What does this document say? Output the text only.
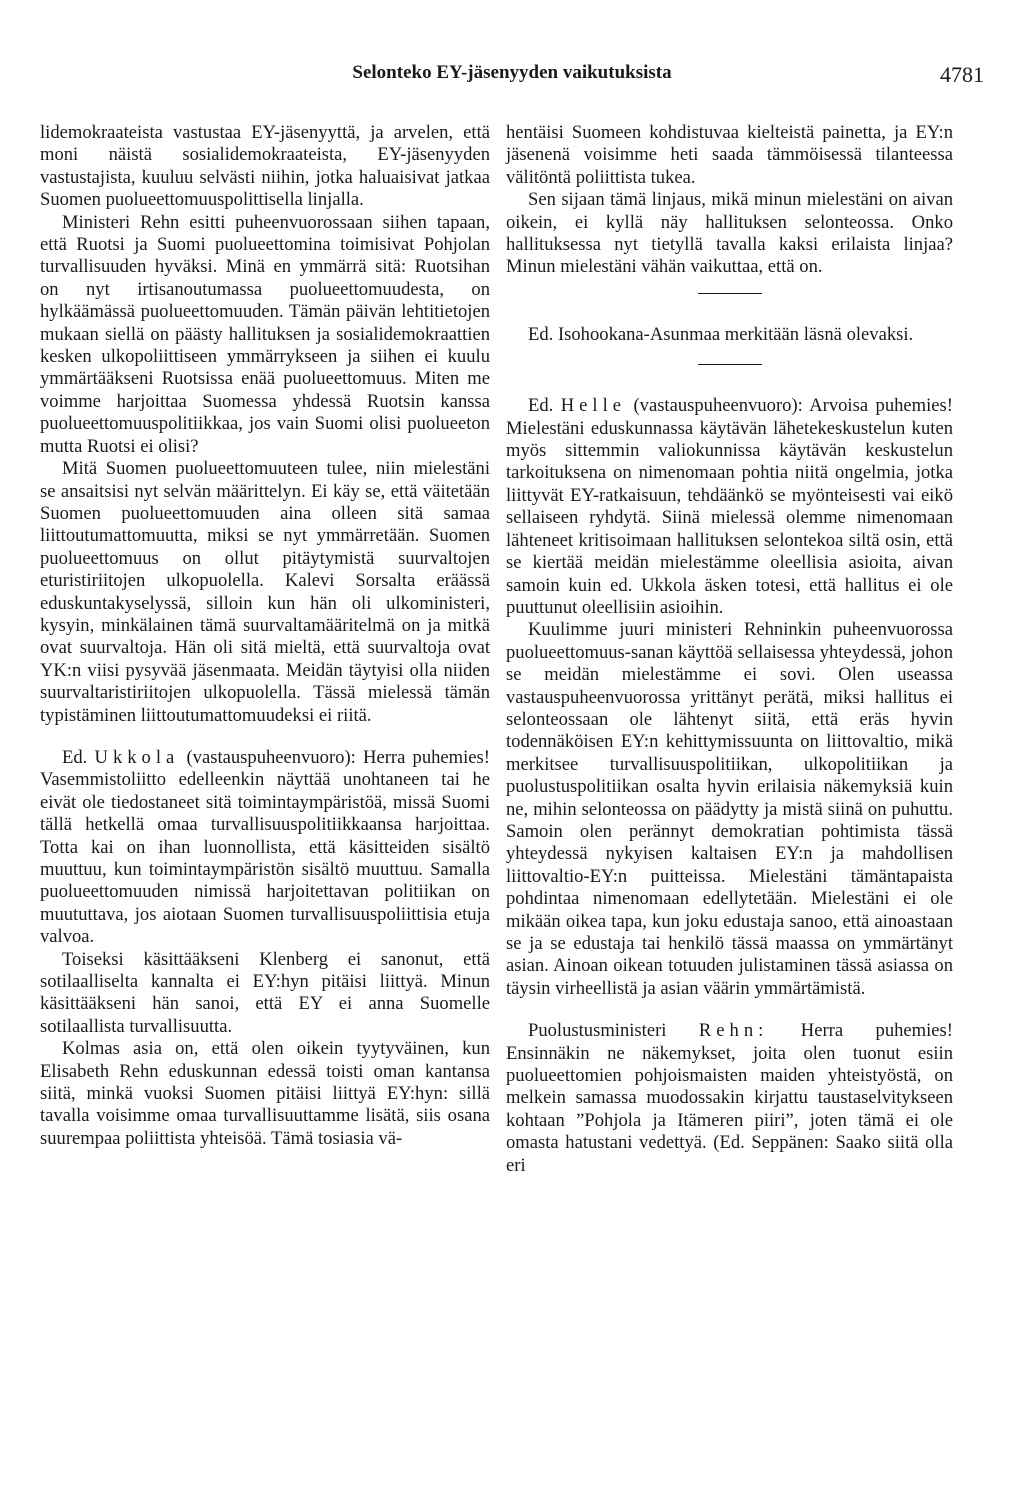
Selonteko EY-jäsenyyden vaikutuksista	4781

lidemokraateista vastustaa EY-jäsenyyttä, ja arvelen, että moni näistä sosialidemokraateista, EY-jäsenyyden vastustajista, kuuluu selvästi niihin, jotka haluaisivat jatkaa Suomen puolueettomuuspolittisella linjalla.

Ministeri Rehn esitti puheenvuorossaan siihen tapaan, että Ruotsi ja Suomi puolueettomina toimisivat Pohjolan turvallisuuden hyväksi. Minä en ymmärrä sitä: Ruotsihan on nyt irtisanoutumassa puolueettomuudesta, on hylkäämässä puolueettomuuden. Tämän päivän lehtitietojen mukaan siellä on päästy hallituksen ja sosialidemokraattien kesken ulkopoliittiseen ymmärrykseen ja siihen ei kuulu ymmärtääkseni Ruotsissa enää puolueettomuus. Miten me voimme harjoittaa Suomessa yhdessä Ruotsin kanssa puolueettomuuspolitiikkaa, jos vain Suomi olisi puolueeton mutta Ruotsi ei olisi?

Mitä Suomen puolueettomuuteen tulee, niin mielestäni se ansaitsisi nyt selvän määrittelyn. Ei käy se, että väitetään Suomen puolueettomuuden aina olleen sitä samaa liittoutumattomuutta, miksi se nyt ymmärretään. Suomen puolueettomuus on ollut pitäytymistä suurvaltojen eturistiriitojen ulkopuolella. Kalevi Sorsalta eräässä eduskuntakyselyssä, silloin kun hän oli ulkoministeri, kysyin, minkälainen tämä suurvaltamääritelmä on ja mitkä ovat suurvaltoja. Hän oli sitä mieltä, että suurvaltoja ovat YK:n viisi pysyvää jäsenmaata. Meidän täytyisi olla niiden suurvaltaristiriitojen ulkopuolella. Tässä mielessä tämän typistäminen liittoutumattomuudeksi ei riitä.

Ed. Ukkola (vastauspuheenvuoro): Herra puhemies! Vasemmistoliitto edelleenkin näyttää unohtaneen tai he eivät ole tiedostaneet sitä toimintaympäristöä, missä Suomi tällä hetkellä omaa turvallisuuspolitiikkaansa harjoittaa. Totta kai on ihan luonnollista, että käsitteiden sisältö muuttuu, kun toimintaympäristön sisältö muuttuu. Samalla puolueettomuuden nimissä harjoitettavan politiikan on muututtava, jos aiotaan Suomen turvallisuuspoliittisia etuja valvoa.

Toiseksi käsittääkseni Klenberg ei sanonut, että sotilaalliselta kannalta ei EY:hyn pitäisi liittyä. Minun käsittääkseni hän sanoi, että EY ei anna Suomelle sotilaallista turvallisuutta.

Kolmas asia on, että olen oikein tyytyväinen, kun Elisabeth Rehn eduskunnan edessä toisti oman kantansa siitä, minkä vuoksi Suomen pitäisi liittyä EY:hyn: sillä tavalla voisimme omaa turvallisuuttamme lisätä, siis osana suurempaa poliittista yhteisöä. Tämä tosiasia vä-

hentäisi Suomeen kohdistuvaa kielteistä painetta, ja EY:n jäsenenä voisimme heti saada tämmöisessä tilanteessa välitöntä poliittista tukea.

Sen sijaan tämä linjaus, mikä minun mielestäni on aivan oikein, ei kyllä näy hallituksen selonteossa. Onko hallituksessa nyt tietyllä tavalla kaksi erilaista linjaa? Minun mielestäni vähän vaikuttaa, että on.

Ed. Isohookana-Asunmaa merkitään läsnä olevaksi.

Ed. Helle (vastauspuheenvuoro): Arvoisa puhemies! Mielestäni eduskunnassa käytävän lähetekeskustelun kuten myös sittemmin valiokunnissa käytävän keskustelun tarkoituksena on nimenomaan pohtia niitä ongelmia, jotka liittyvät EY-ratkaisuun, tehdäänkö se myönteisesti vai eikö sellaiseen ryhdytä. Siinä mielessä olemme nimenomaan lähteneet kritisoimaan hallituksen selontekoa siltä osin, että se kiertää meidän mielestämme oleellisia asioita, aivan samoin kuin ed. Ukkola äsken totesi, että hallitus ei ole puuttunut oleellisiin asioihin.

Kuulimme juuri ministeri Rehninkin puheenvuorossa puolueettomuus-sanan käyttöä sellaisessa yhteydessä, johon se meidän mielestämme ei sovi. Olen useassa vastauspuheenvuorossa yrittänyt perätä, miksi hallitus ei selonteossaan ole lähtenyt siitä, että eräs hyvin todennäköisen EY:n kehittymissuunta on liittovaltio, mikä merkitsee turvallisuuspolitiikan, ulkopolitiikan ja puolustuspolitiikan osalta hyvin erilaisia näkemyksiä kuin ne, mihin selonteossa on päädytty ja mistä siinä on puhuttu. Samoin olen perännyt demokratian pohtimista tässä yhteydessä nykyisen kaltaisen EY:n ja mahdollisen liittovaltio-EY:n puitteissa. Mielestäni tämäntapaista pohdintaa nimenomaan edellytetään. Mielestäni ei ole mikään oikea tapa, kun joku edustaja sanoo, että ainoastaan se ja se edustaja tai henkilö tässä maassa on ymmärtänyt asian. Ainoan oikean totuuden julistaminen tässä asiassa on täysin virheellistä ja asian väärin ymmärtämistä.

Puolustusministeri Rehn: Herra puhemies! Ensinnäkin ne näkemykset, joita olen tuonut esiin puolueettomien pohjoismaisten maiden yhteistyöstä, on melkein samassa muodossakin kirjattu taustaselvitykseen kohtaan ”Pohjola ja Itämeren piiri”, joten tämä ei ole omasta hatustani vedettyä. (Ed. Seppänen: Saako siitä olla eri
